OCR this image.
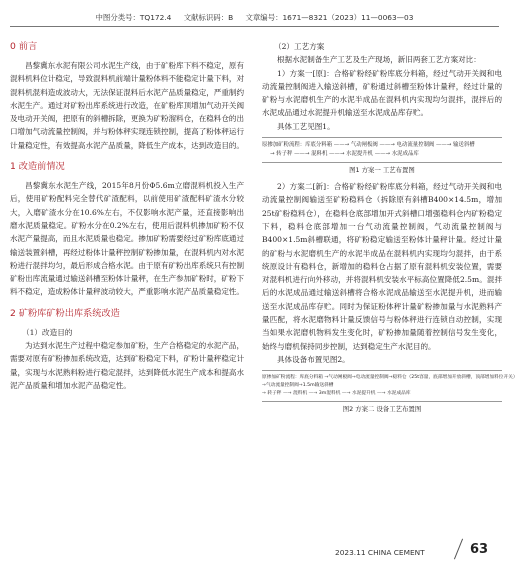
中图分类号：TQ172.4 文献标识码：B 文章编号：1671—8321（2023）11—0063—03
0 前言

昌黎冀东水泥有限公司水泥生产线，由于矿粉库下料不稳定，原有混料机料位计稳定，导致混料机前端计量粉体料不能稳定计量下料，对混料机混料造成波动大，无法保证混料后水泥产品质量稳定，严重制约水泥生产。通过对矿粉出库系统进行改造，在矿粉库顶增加气动开关阀及电动开关阀，把原有的斜槽拆除，更换为矿粉溜料仓，在稳料仓的出口增加气动流量控制阀，并与粉体秤实现连锁控制，提高了粉体秤运行计量稳定性，有效提高水泥产品质量，降低生产成本，达到改造目的。

1 改造前情况

昌黎冀东水泥生产线，2015年8月份Φ5.6m立磨混料机投入生产后，使用矿粉配料完全替代矿渣配料，以前使用矿渣配料矿渣水分较大，入磨矿渣水分在10.6%左右，不仅影响水泥产量，还直接影响出磨水泥质量稳定。矿粉水分在0.2%左右，使用后混料机掺加矿粉不仅水泥产量提高，而且水泥质量也稳定。掺加矿粉需要经过矿粉库底通过输送装置斜槽，再经过粉体计量秤控制矿粉掺加量，在混料机内对水泥粉进行混拌均匀，最后形成合格水泥。由于原有矿粉出库系统只有控制矿粉出库流量通过输送斜槽至粉体计量秤，在生产参加矿粉时，矿粉下料不稳定，造成粉体计量秤波动较大，严重影响水泥产品质量稳定性。

2 矿粉库矿粉出库系统改造
（1）改造目的

为达到水泥生产过程中稳定参加矿粉，生产合格稳定的水泥产品，需要对原有矿粉掺加系统改造，达到矿粉稳定下料，矿粉计量秤稳定计量，实现与水泥熟料粉进行稳定混拌，达到降低水泥生产成本和提高水泥产品质量和增加水泥产品稳定性。

（2）工艺方案

根据水泥制备生产工艺及生产现场，新旧两套工艺方案对比：

1）方案一[原]：合格矿粉经矿粉库底分料箱，经过气动开关阀和电动流量控制阀进入输送斜槽，矿粉通过斜槽至粉体计量秤，经过计量的矿粉与水泥磨机生产的水泥半成品在混料机内实现均匀混拌，混拌后的水泥成品通过水泥提升机输送至水泥成品库存贮。

具体工艺见图1。

原掺加矿粉流程：库底分料箱 ——→ 气动闸板阀 ——→ 电动流量控制阀 ——→ 输送斜槽
→ 转子秤 ——→ 混料机 ——→ 水泥提升机 ——→ 水泥成品库
图1 方案一 工艺布置图

2）方案二[新]：合格矿粉经矿粉库底分料箱，经过气动开关阀和电动流量控制阀输送至矿粉稳料仓（拆除原有斜槽B400×14.5m，增加25t矿粉稳料仓），在稳料仓底部增加开式斜槽口增强稳料仓内矿粉稳定下料，稳料仓底部增加一台气动流量控制阀，气动流量控制阀与B400×1.5m斜槽联通，将矿粉稳定输送至粉体计量秤计量。经过计量的矿粉与水泥磨机生产的水泥半成品在混料机内实现均匀混拌，由于系统原设计有稳料仓，新增加的稳料仓占据了原有混料机安装位置，需要对混料机进行向外移动，并将混料机安装水平标高位置降低2.5m。混拌后的水泥成品通过输送斜槽将合格水泥成品输送至水泥提升机，进而输送至水泥成品库存贮。同时为保证粉体秤计量矿粉掺加量与水泥熟料产量匹配，将水泥磨物料计量反馈信号与粉体秤进行连锁自动控制，实现当如果水泥磨机物料发生变化时，矿粉掺加量随着控制信号发生变化，始终与磨机保持同步控制，达到稳定生产水泥目的。

具体设备布置见图2。

原掺加矿粉流程：库底分料箱 →气动闸板阀→电动流量控制阀→稳料仓（25t容量，底部增加开放斜槽，顶部增加料位开关）
→气动流量控制阀→1.5m输送斜槽
→ 转子秤 —→ 混料机 —→ 3m混料机 —→ 水泥提升机 —→ 水泥成品库
图2 方案二 设备工艺布置图
2023.11 CHINA CEMENT	63
